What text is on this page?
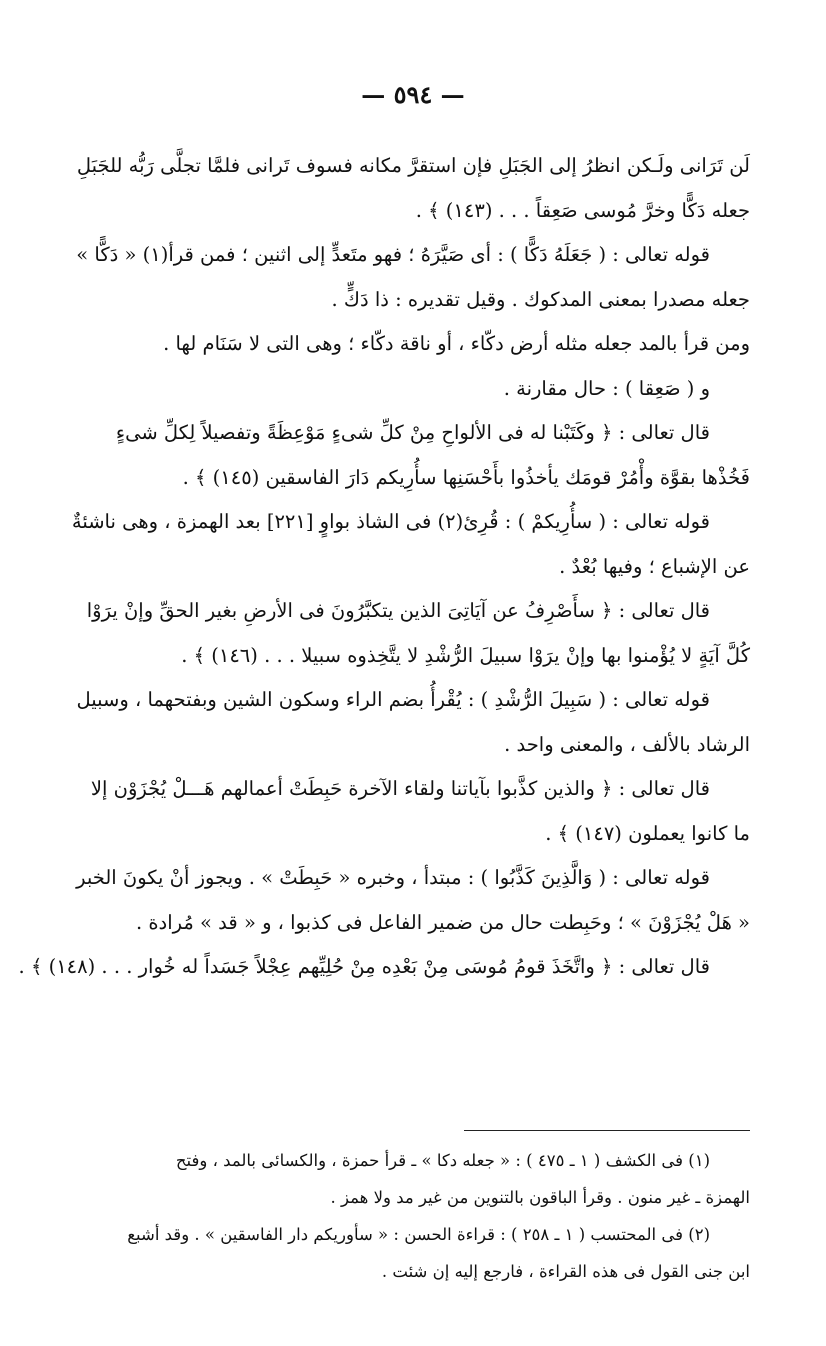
— ٥٩٤ —
لَن تَرَانى ولَـكن انظرُ إلى الجَبَلِ فإن استقرَّ مكانه فسوف تَرانى فلمَّا تجلَّى رَبُّه للجَبَلِ
جعله دَكًّا وخرَّ مُوسى صَعِقاً . . . (١٤٣) ﴾ .
قوله تعالى : ( جَعَلَهُ دَكًّا ) : أى صَيَّرَهُ ؛ فهو متَعدٍّ إلى اثنين ؛ فمن قرأ(١) « دَكًّا »
جعله مصدرا بمعنى المدكوك . وقيل تقديره : ذا دَكٍّ .
ومن قرأ بالمد جعله مثله أرض دكّاء ، أو ناقة دكّاء ؛ وهى التى لا سَنَام لها .
و ( صَعِقا ) : حال مقارنة .
قال تعالى : ﴿ وكَتَبْنا له فى الألواحِ مِنْ كلِّ شىءٍ مَوْعِظَةً وتفصيلاً لِكلِّ شىءٍ
فَخُذْها بقوَّة وأْمُرْ قومَك يأخذُوا بأَحْسَنِها سأُرِيكم دَارَ الفاسقين (١٤٥) ﴾ .
قوله تعالى : ( سأُرِيكمْ ) : قُرِئ(٢) فى الشاذ بواوٍ [٢٢١] بعد الهمزة ، وهى ناشئةٌ
عن الإشباع ؛ وفيها بُعْدٌ .
قال تعالى : ﴿ سأَصْرِفُ عن آيَاتِىَ الذين يتكبَّرُونَ فى الأرضِ بغير الحقِّ وإنْ يرَوْا
كُلَّ آيَةٍ لا يُؤْمنوا بها وإنْ يرَوْا سبيلَ الرُّشْدِ لا يتَّخِذوه سبيلا . . . (١٤٦) ﴾ .
قوله تعالى : ( سَبِيلَ الرُّشْدِ ) : يُقْرأُ بضم الراء وسكون الشين وبفتحهما ، وسبيل
الرشاد بالألف ، والمعنى واحد .
قال تعالى : ﴿ والذين كذَّبوا بآياتنا ولقاء الآخرة حَبِطَتْ أعمالهم هَـــلْ يُجْزَوْن إلا
ما كانوا يعملون (١٤٧) ﴾ .
قوله تعالى : ( وَالَّذِينَ كَذَّبُوا ) : مبتدأ ، وخبره « حَبِطَتْ » . ويجوز أنْ يكونَ الخبر
« هَلْ يُجْزَوْنَ » ؛ وحَبِطت حال من ضمير الفاعل فى كذبوا ، و « قد » مُرادة .
قال تعالى : ﴿ واتَّخَذَ قومُ مُوسَى مِنْ بَعْدِه مِنْ حُلِيِّهم عِجْلاً جَسَداً له خُوار . . . (١٤٨) ﴾ .
(١) فى الكشف ( ١ ـ ٤٧٥ ) : « جعله دكا » ـ قرأ حمزة ، والكسائى بالمد ، وفتح
الهمزة ـ غير منون . وقرأ الباقون بالتنوين من غير مد ولا همز .
(٢) فى المحتسب ( ١ ـ ٢٥٨ ) : قراءة الحسن : « سأوريكم دار الفاسقين » . وقد أشبع
ابن جنى القول فى هذه القراءة ، فارجع إليه إن شئت .
